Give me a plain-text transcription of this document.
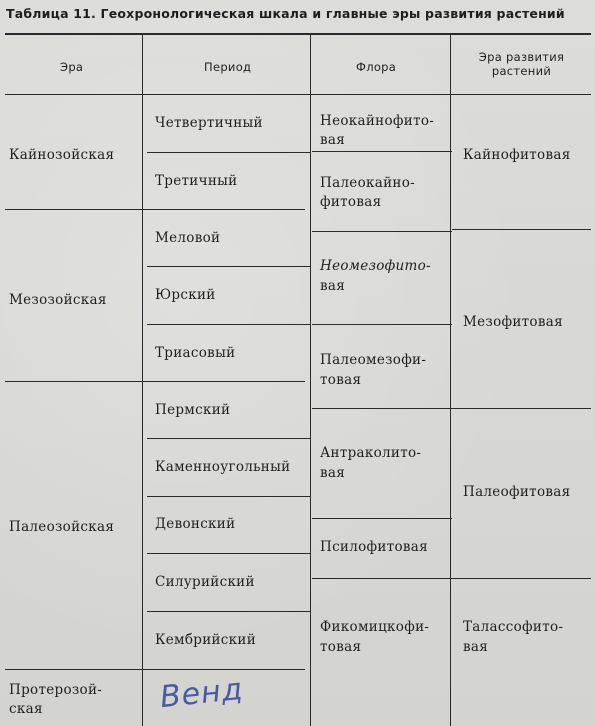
Таблица 11. Геохронологическая шкала и главные эры развития растений
Эра	Период	Флора
Эра развития
растений
Кайнозойская
Мезозойская
Палеозойская
Протерозой-
ская
Четвертичный
Третичный
Меловой
Юрский
Триасовый
Пермский
Каменноугольный
Девонский
Силурийский
Кембрийский
Неокайнофито-
вая
Палеокайно-
фитовая
Неомезофито-
вая
Палеомезофи-
товая
Антраколито-
вая
Псилофитовая
Фикомицкофи-
товая
Кайнофитовая
Мезофитовая
Палеофитовая
Талассофито-
вая
Венд
